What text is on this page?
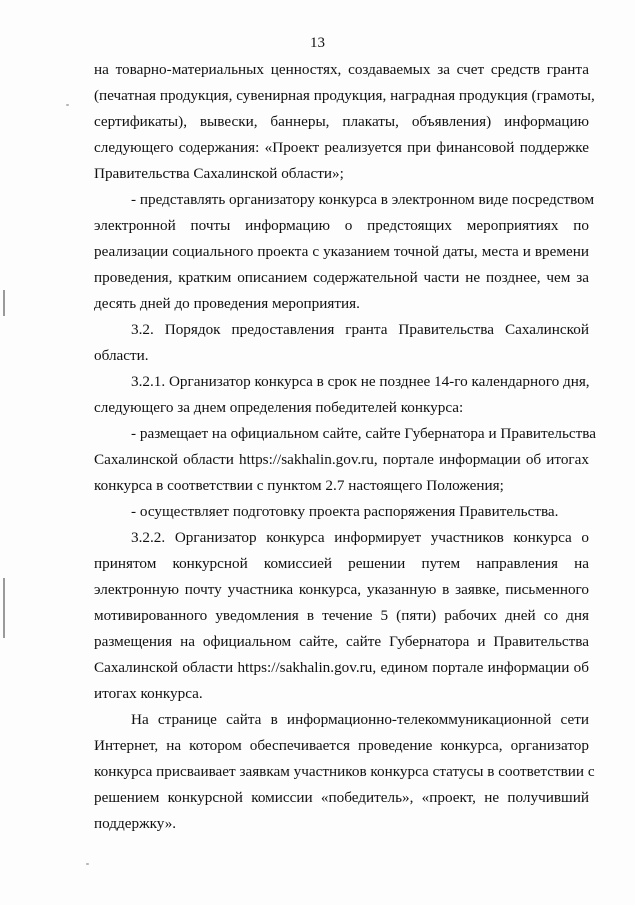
13
на товарно-материальных ценностях, создаваемых за счет средств гранта
(печатная продукция, сувенирная продукция, наградная продукция (грамоты,
сертификаты), вывески, баннеры, плакаты, объявления) информацию
следующего содержания: «Проект реализуется при финансовой поддержке
Правительства Сахалинской области»;
- представлять организатору конкурса в электронном виде посредством
электронной почты информацию о предстоящих мероприятиях по
реализации социального проекта с указанием точной даты, места и времени
проведения, кратким описанием содержательной части не позднее, чем за
десять дней до проведения мероприятия.
3.2. Порядок предоставления гранта Правительства Сахалинской
области.
3.2.1. Организатор конкурса в срок не позднее 14-го календарного дня,
следующего за днем определения победителей конкурса:
- размещает на официальном сайте, сайте Губернатора и Правительства
Сахалинской области https://sakhalin.gov.ru, портале информации об итогах
конкурса в соответствии с пунктом 2.7 настоящего Положения;
- осуществляет подготовку проекта распоряжения Правительства.
3.2.2. Организатор конкурса информирует участников конкурса о
принятом конкурсной комиссией решении путем направления на
электронную почту участника конкурса, указанную в заявке, письменного
мотивированного уведомления в течение 5 (пяти) рабочих дней со дня
размещения на официальном сайте, сайте Губернатора и Правительства
Сахалинской области https://sakhalin.gov.ru, едином портале информации об
итогах конкурса.
На странице сайта в информационно-телекоммуникационной сети
Интернет, на котором обеспечивается проведение конкурса, организатор
конкурса присваивает заявкам участников конкурса статусы в соответствии с
решением конкурсной комиссии «победитель», «проект, не получивший
поддержку».
